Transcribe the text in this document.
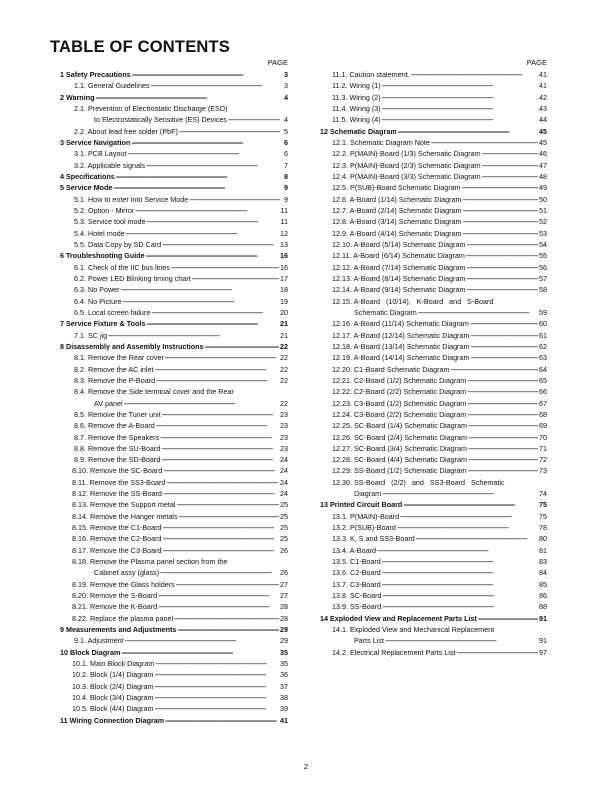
TABLE OF CONTENTS
PAGE
1 Safety Precautions - - -	3
1.1. General Guidelines - - -	3
2 Warning - - -	4
2.1. Prevention of Electrostatic Discharge (ESD)
to Electrostatically Sensitive (ES) Devices - - -	4
2.2. About lead free solder (PbF) - - -	5
3 Service Navigation - - -	6
3.1. PCB Layout - - -	6
3.2. Applicable signals - - -	7
4 Specifications - - -	8
5 Service Mode - - -	9
5.1. How to enter into Service Mode - - -	9
5.2. Option - Mirror - - -	11
5.3. Service tool mode - - -	11
5.4. Hotel mode - - -	12
5.5. Data Copy by SD Card - - -	13
6 Troubleshooting Guide - - -	16
6.1. Check of the IIC bus lines - - -	16
6.2. Power LED Blinking timing chart - - -	17
6.3. No Power - - -	18
6.4. No Picture - - -	19
6.5. Local screen failure - - -	20
7 Service Fixture & Tools - - -	21
7.1. SC jig - - -	21
8 Disassembly and Assembly Instructions - - -	22
8.1. Remove the Rear cover - - -	22
8.2. Remove the AC inlet - - -	22
8.3. Remove the P-Board - - -	22
8.4. Remove the Side terminal cover and the Rear
AV panel - - -	22
8.5. Remove the Tuner unit - - -	23
8.6. Remove the A-Board - - -	23
8.7. Remove the Speakers - - -	23
8.8. Remove the SU-Board - - -	23
8.9. Remove the SD-Board - - -	24
8.10. Remove the SC-Board - - -	24
8.11. Remove the SS3-Board - - -	24
8.12. Remove the SS-Board - - -	24
8.13. Remove the Support metal - - -	25
8.14. Remove the Hanger metals - - -	25
8.15. Remove the C1-Board - - -	25
8.16. Remove the C2-Board - - -	25
8.17. Remove the C3-Board - - -	26
8.18. Remove the Plasma panel section from the
Cabinet assy (glass) - - -	26
8.19. Remove the Glass holders - - -	27
8.20. Remove the S-Board - - -	27
8.21. Remove the K-Board - - -	28
8.22. Replace the plasma panel - - -	28
9 Measurements and Adjustments - - -	29
9.1. Adjustment - - -	29
10 Block Diagram - - -	35
10.1. Main Block Diagram - - -	35
10.2. Block (1/4) Diagram - - -	36
10.3. Block (2/4) Diagram - - -	37
10.4. Block (3/4) Diagram - - -	38
10.5. Block (4/4) Diagram - - -	39
11 Wiring Connection Diagram - - -	41
PAGE
11.1. Caution statement. - - -	41
11.2. Wiring (1) - - -	41
11.3. Wiring (2) - - -	42
11.4. Wiring (3) - - -	43
11.5. Wiring (4) - - -	44
12 Schematic Diagram - - -	45
12.1. Schematic Diagram Note - - -	45
12.2. P(MAIN)-Board (1/3) Schematic Diagram - - -	46
12.3. P(MAIN)-Board (2/3) Schematic Diagram - - -	47
12.4. P(MAIN)-Board (3/3) Schematic Diagram - - -	48
12.5. P(SUB)-Board Schematic Diagram - - -	49
12.6. A-Board (1/14) Schematic Diagram - - -	50
12.7. A-Board (2/14) Schematic Diagram - - -	51
12.8. A-Board (3/14) Schematic Diagram - - -	52
12.9. A-Board (4/14) Schematic Diagram - - -	53
12.10. A-Board (5/14) Schematic Diagram - - -	54
12.11. A-Board (6/14) Schematic Diagram - - -	55
12.12. A-Board (7/14) Schematic Diagram - - -	56
12.13. A-Board (8/14) Schematic Diagram - - -	57
12.14. A-Board (9/14) Schematic Diagram - - -	58
12.15. A-Board   (10/14),   K-Board   and   S-Board
Schematic Diagram - - -	59
12.16. A-Board (11/14) Schematic Diagram - - -	60
12.17. A-Board (12/14) Schematic Diagram - - -	61
12.18. A-Board (13/14) Schematic Diagram - - -	62
12.19. A-Board (14/14) Schematic Diagram - - -	63
12.20. C1-Board Schematic Diagram - - -	64
12.21. C2-Board (1/2) Schematic Diagram - - -	65
12.22. C2-Board (2/2) Schematic Diagram - - -	66
12.23. C3-Board (1/2) Schematic Diagram - - -	67
12.24. C3-Board (2/2) Schematic Diagram - - -	68
12.25. SC-Board (1/4) Schematic Diagram - - -	69
12.26. SC-Board (2/4) Schematic Diagram - - -	70
12.27. SC-Board (3/4) Schematic Diagram - - -	71
12.28. SC-Board (4/4) Schematic Diagram - - -	72
12.29. SS-Board (1/2) Schematic Diagram - - -	73
12.30. SS-Board   (2/2)   and   SS3-Board   Schematic
Diagram - - -	74
13 Printed Circuit Board - - -	75
13.1. P(MAIN)-Board - - -	75
13.2. P(SUB)-Board - - -	78
13.3. K, S and SS3-Board - - -	80
13.4. A-Board - - -	81
13.5. C1-Board - - -	83
13.6. C2-Board - - -	84
13.7. C3-Board - - -	85
13.8. SC-Board - - -	86
13.9. SS-Board - - -	88
14 Exploded View and Replacement Parts List - - -	91
14.1. Exploded View and Mechanical Replacement
Parts List - - -	91
14.2. Electrical Replacement Parts List - - -	97
2
